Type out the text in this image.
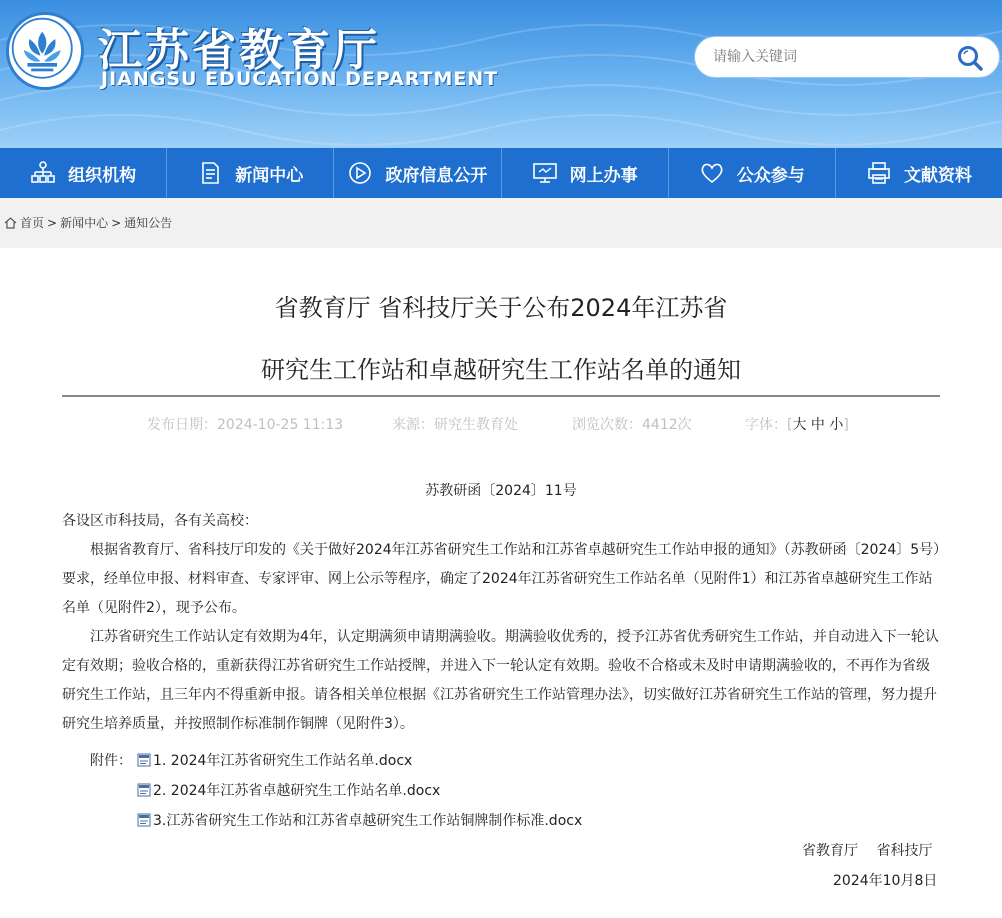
江苏省教育厅
JIANGSU EDUCATION DEPARTMENT
请输入关键词
组织机构	新闻中心	政府信息公开	网上办事	公众参与	文献资料
首页 > 新闻中心 > 通知公告
省教育厅 省科技厅关于公布2024年江苏省
研究生工作站和卓越研究生工作站名单的通知
发布日期：2024-10-25 11:13	来源：研究生教育处	浏览次数：4412次	字体：[大 中 小]
苏教研函〔2024〕11号
各设区市科技局，各有关高校：
根据省教育厅、省科技厅印发的《关于做好2024年江苏省研究生工作站和江苏省卓越研究生工作站申报的通知》（苏教研函〔2024〕5号）要求，经单位申报、材料审查、专家评审、网上公示等程序，确定了2024年江苏省研究生工作站名单（见附件1）和江苏省卓越研究生工作站名单（见附件2），现予公布。
江苏省研究生工作站认定有效期为4年，认定期满须申请期满验收。期满验收优秀的，授予江苏省优秀研究生工作站，并自动进入下一轮认定有效期；验收合格的，重新获得江苏省研究生工作站授牌，并进入下一轮认定有效期。验收不合格或未及时申请期满验收的，不再作为省级研究生工作站，且三年内不得重新申报。请各相关单位根据《江苏省研究生工作站管理办法》，切实做好江苏省研究生工作站的管理，努力提升研究生培养质量，并按照制作标准制作铜牌（见附件3）。
附件： 1. 2024年江苏省研究生工作站名单.docx
2. 2024年江苏省卓越研究生工作站名单.docx
3.江苏省研究生工作站和江苏省卓越研究生工作站铜牌制作标准.docx
省教育厅　 省科技厅
2024年10月8日
